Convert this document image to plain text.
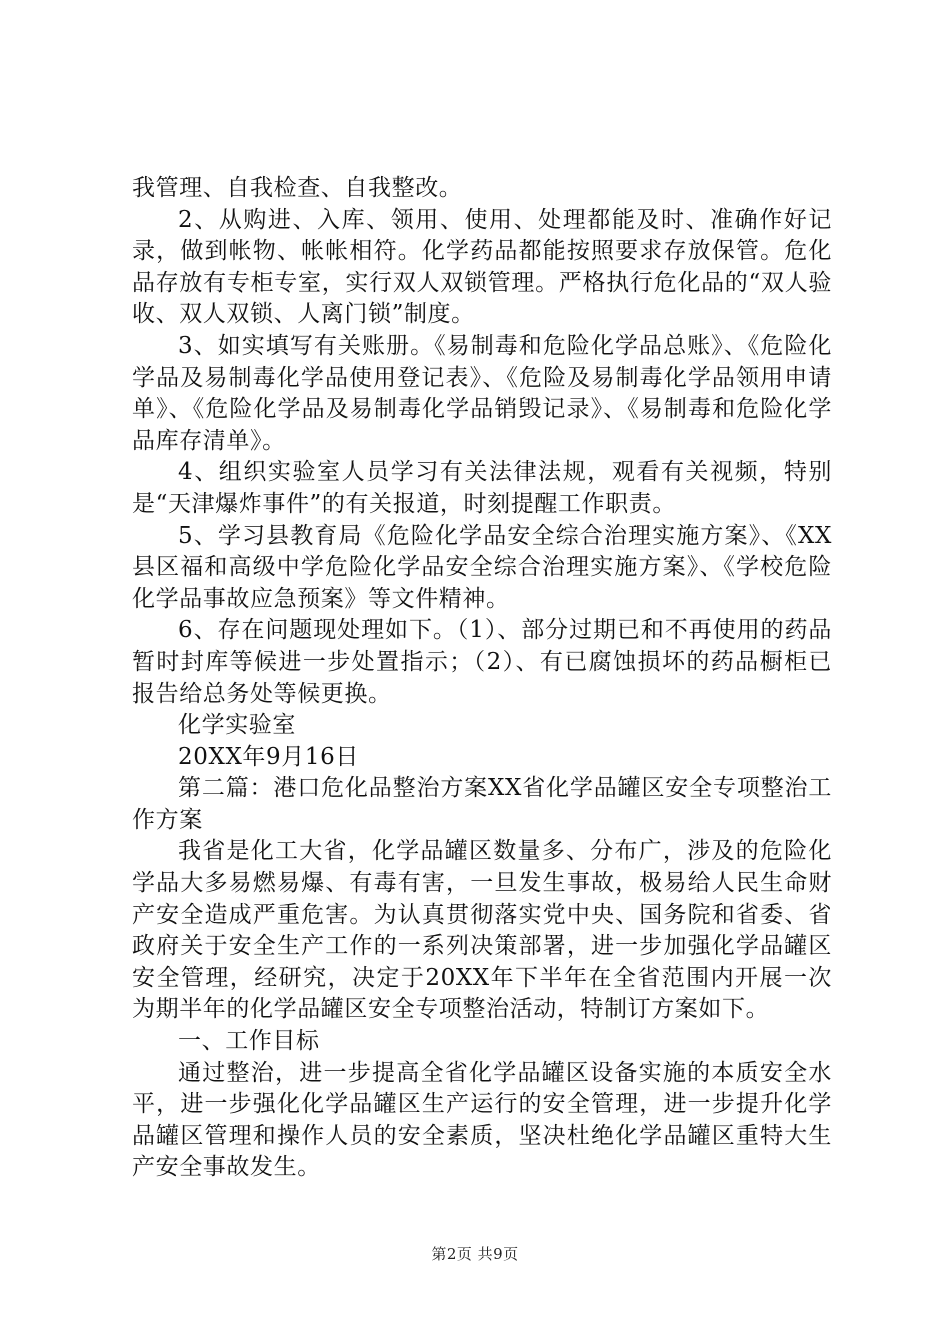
我管理、自我检查、自我整改。

2、从购进、入库、领用、使用、处理都能及时、准确作好记录，做到帐物、帐帐相符。化学药品都能按照要求存放保管。危化品存放有专柜专室，实行双人双锁管理。严格执行危化品的“双人验收、双人双锁、人离门锁”制度。

3、如实填写有关账册。《易制毒和危险化学品总账》、《危险化学品及易制毒化学品使用登记表》、《危险及易制毒化学品领用申请单》、《危险化学品及易制毒化学品销毁记录》、《易制毒和危险化学品库存清单》。

4、组织实验室人员学习有关法律法规，观看有关视频，特别是“天津爆炸事件”的有关报道，时刻提醒工作职责。

5、学习县教育局《危险化学品安全综合治理实施方案》、《XX县区福和高级中学危险化学品安全综合治理实施方案》、《学校危险化学品事故应急预案》等文件精神。

6、存在问题现处理如下。（1）、部分过期已和不再使用的药品暂时封库等候进一步处置指示；（2）、有已腐蚀损坏的药品橱柜已报告给总务处等候更换。

化学实验室

20XX年9月16日

第二篇：港口危化品整治方案XX省化学品罐区安全专项整治工作方案

我省是化工大省，化学品罐区数量多、分布广，涉及的危险化学品大多易燃易爆、有毒有害，一旦发生事故，极易给人民生命财产安全造成严重危害。为认真贯彻落实党中央、国务院和省委、省政府关于安全生产工作的一系列决策部署，进一步加强化学品罐区安全管理，经研究，决定于20XX年下半年在全省范围内开展一次为期半年的化学品罐区安全专项整治活动，特制订方案如下。

一、工作目标

通过整治，进一步提高全省化学品罐区设备实施的本质安全水平，进一步强化化学品罐区生产运行的安全管理，进一步提升化学品罐区管理和操作人员的安全素质，坚决杜绝化学品罐区重特大生产安全事故发生。

第2页 共9页
